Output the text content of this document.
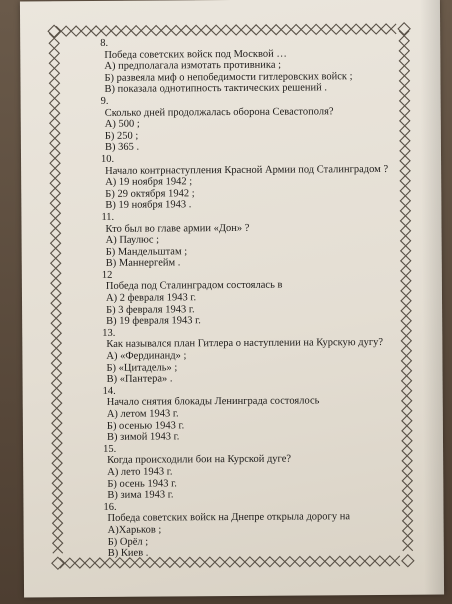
8.
Победа советских войск под Москвой …
А) предполагала измотать противника ;
Б) развеяла миф о непобедимости гитлеровских войск ;
В) показала однотипность тактических решений .
9.
Сколько дней продолжалась оборона Севастополя?
А) 500 ;
Б) 250 ;
В) 365 .
10.
Начало контрнаступления Красной Армии под Сталинградом ?
А) 19 ноября 1942 ;
Б) 29 октября 1942 ;
В) 19 ноября 1943 .
11.
Кто был во главе армии «Дон» ?
А) Паулюс ;
Б) Мандельштам ;
В) Маннергейм .
12
Победа под Сталинградом состоялась в
А) 2 февраля 1943 г.
Б) 3 февраля 1943 г.
В) 19 февраля 1943 г.
13.
Как назывался план Гитлера о наступлении на Курскую дугу?
А) «Фердинанд» ;
Б) «Цитадель» ;
В) «Пантера» .
14.
Начало снятия блокады Ленинграда состоялось
А) летом 1943 г.
Б) осенью 1943 г.
В) зимой 1943 г.
15.
Когда происходили бои на Курской дуге?
А) лето 1943 г.
Б) осень 1943 г.
В) зима 1943 г.
16.
Победа советских войск на Днепре открыла дорогу на
А)Харьков ;
Б) Орёл ;
В) Киев .
